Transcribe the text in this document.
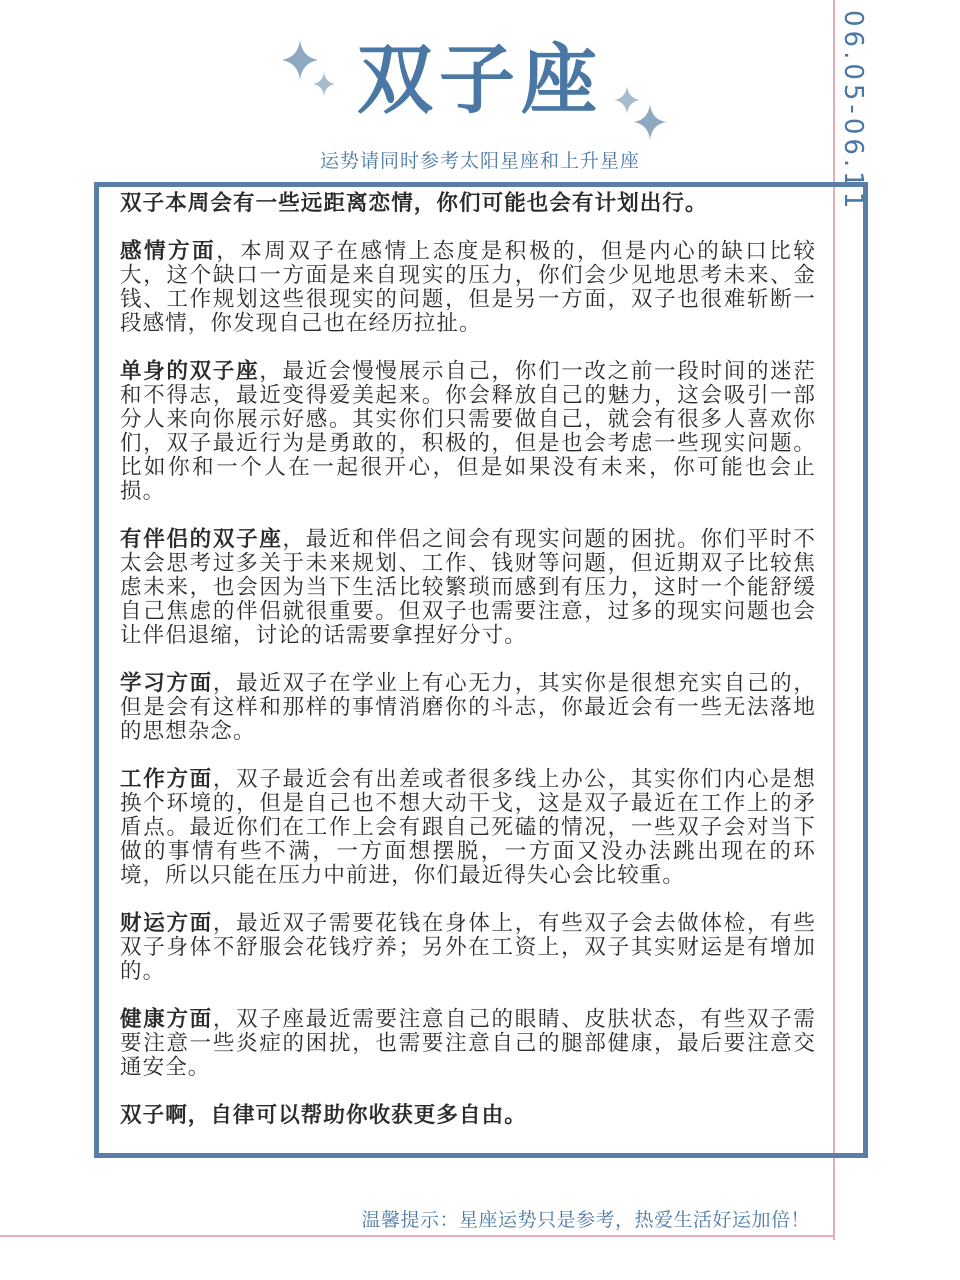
06.05-06.11
双子座
运势请同时参考太阳星座和上升星座

双子本周会有一些远距离恋情，你们可能也会有计划出行。

感情方面，本周双子在感情上态度是积极的，但是内心的缺口比较大，这个缺口一方面是来自现实的压力，你们会少见地思考未来、金钱、工作规划这些很现实的问题，但是另一方面，双子也很难斩断一段感情，你发现自己也在经历拉扯。

单身的双子座，最近会慢慢展示自己，你们一改之前一段时间的迷茫和不得志，最近变得爱美起来。你会释放自己的魅力，这会吸引一部分人来向你展示好感。其实你们只需要做自己，就会有很多人喜欢你们，双子最近行为是勇敢的，积极的，但是也会考虑一些现实问题。比如你和一个人在一起很开心，但是如果没有未来，你可能也会止损。

有伴侣的双子座，最近和伴侣之间会有现实问题的困扰。你们平时不太会思考过多关于未来规划、工作、钱财等问题，但近期双子比较焦虑未来，也会因为当下生活比较繁琐而感到有压力，这时一个能舒缓自己焦虑的伴侣就很重要。但双子也需要注意，过多的现实问题也会让伴侣退缩，讨论的话需要拿捏好分寸。

学习方面，最近双子在学业上有心无力，其实你是很想充实自己的，但是会有这样和那样的事情消磨你的斗志，你最近会有一些无法落地的思想杂念。

工作方面，双子最近会有出差或者很多线上办公，其实你们内心是想换个环境的，但是自己也不想大动干戈，这是双子最近在工作上的矛盾点。最近你们在工作上会有跟自己死磕的情况，一些双子会对当下做的事情有些不满，一方面想摆脱，一方面又没办法跳出现在的环境，所以只能在压力中前进，你们最近得失心会比较重。

财运方面，最近双子需要花钱在身体上，有些双子会去做体检，有些双子身体不舒服会花钱疗养；另外在工资上，双子其实财运是有增加的。

健康方面，双子座最近需要注意自己的眼睛、皮肤状态，有些双子需要注意一些炎症的困扰，也需要注意自己的腿部健康，最后要注意交通安全。

双子啊，自律可以帮助你收获更多自由。

温馨提示：星座运势只是参考，热爱生活好运加倍！
